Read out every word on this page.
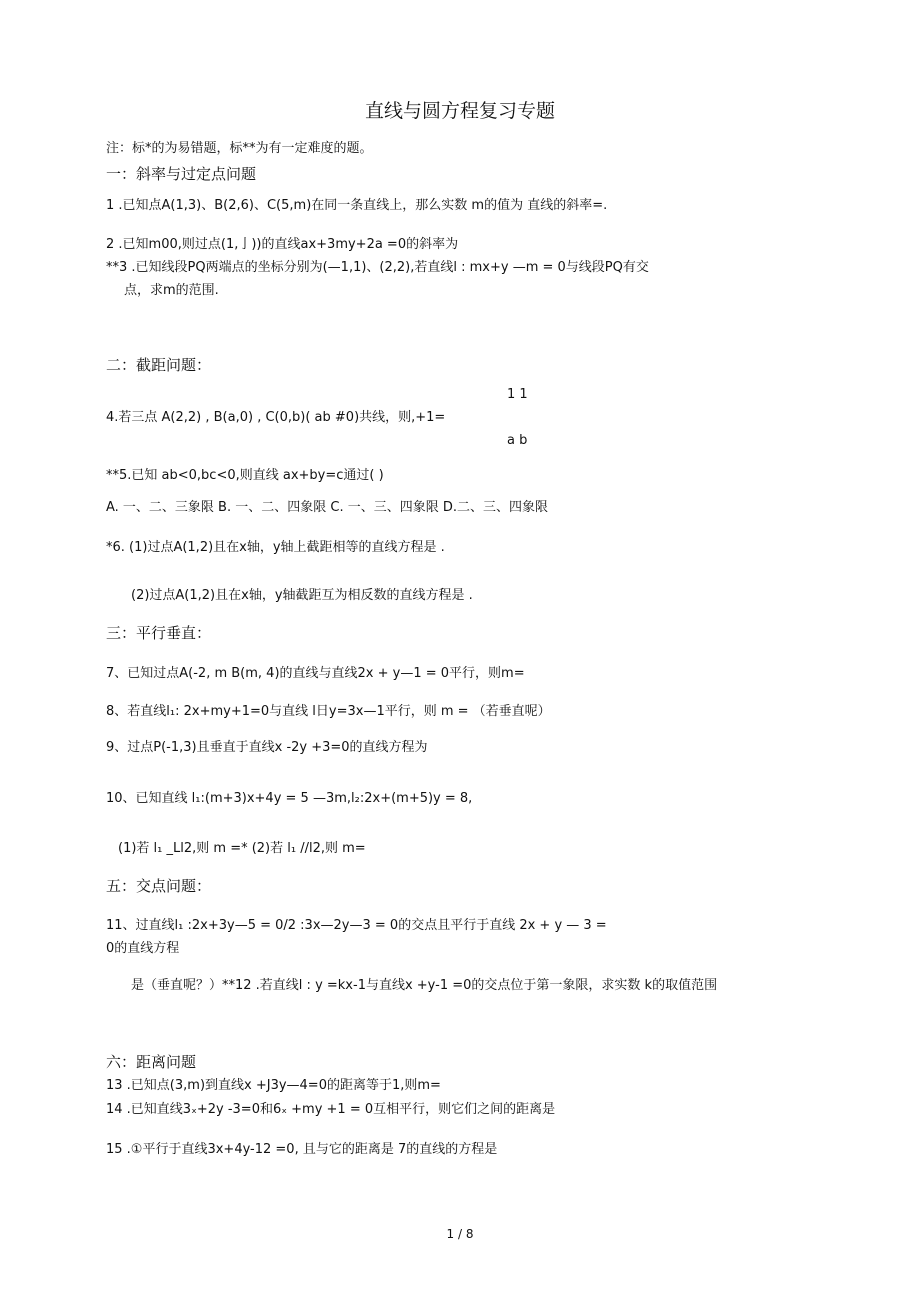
直线与圆方程复习专题
注：标*的为易错题，标**为有一定难度的题。
一：斜率与过定点问题
1 .已知点A(1,3)、B(2,6)、C(5,m)在同一条直线上，那么实数 m的值为 直线的斜率=.
2 .已知m00,则过点(1,亅))的直线ax+3my+2a =0的斜率为
**3 .已知线段PQ两端点的坐标分别为(—1,1)、(2,2),若直线l : mx+y —m = 0与线段PQ有交
点，求m的范围.
二：截距问题：
1 1
4.若三点 A(2,2) , B(a,0) , C(0,b)( ab #0)共线，则,+1=
a b
**5.已知 ab<0,bc<0,则直线 ax+by=c通过( )
A. 一、二、三象限 B. 一、二、四象限 C. 一、三、四象限 D.二、三、四象限
*6. (1)过点A(1,2)且在x轴，y轴上截距相等的直线方程是 .
(2)过点A(1,2)且在x轴，y轴截距互为相反数的直线方程是 .
三：平行垂直：
7、已知过点A(-2, m B(m, 4)的直线与直线2x + y—1 = 0平行，则m=
8、若直线l₁: 2x+my+1=0与直线 l日y=3x—1平行，则 m = （若垂直呢）
9、过点P(-1,3)且垂直于直线x -2y +3=0的直线方程为
10、已知直线 l₁:(m+3)x+4y = 5 —3m,l₂:2x+(m+5)y = 8,
(1)若 l₁ _Ll2,则 m =* (2)若 l₁ //l2,则 m=
五：交点问题：
11、过直线l₁ :2x+3y—5 = 0/2 :3x—2y—3 = 0的交点且平行于直线 2x + y — 3 =
0的直线方程
是（垂直呢？）**12 .若直线l : y =kx-1与直线x +y-1 =0的交点位于第一象限，求实数 k的取值范围
六：距离问题
13 .已知点(3,m)到直线x +J3y—4=0的距离等于1,则m=
14 .已知直线3ₓ+2y -3=0和6ₓ +my +1 = 0互相平行，则它们之间的距离是
15 .①平行于直线3x+4y-12 =0, 且与它的距离是 7的直线的方程是
1 / 8
